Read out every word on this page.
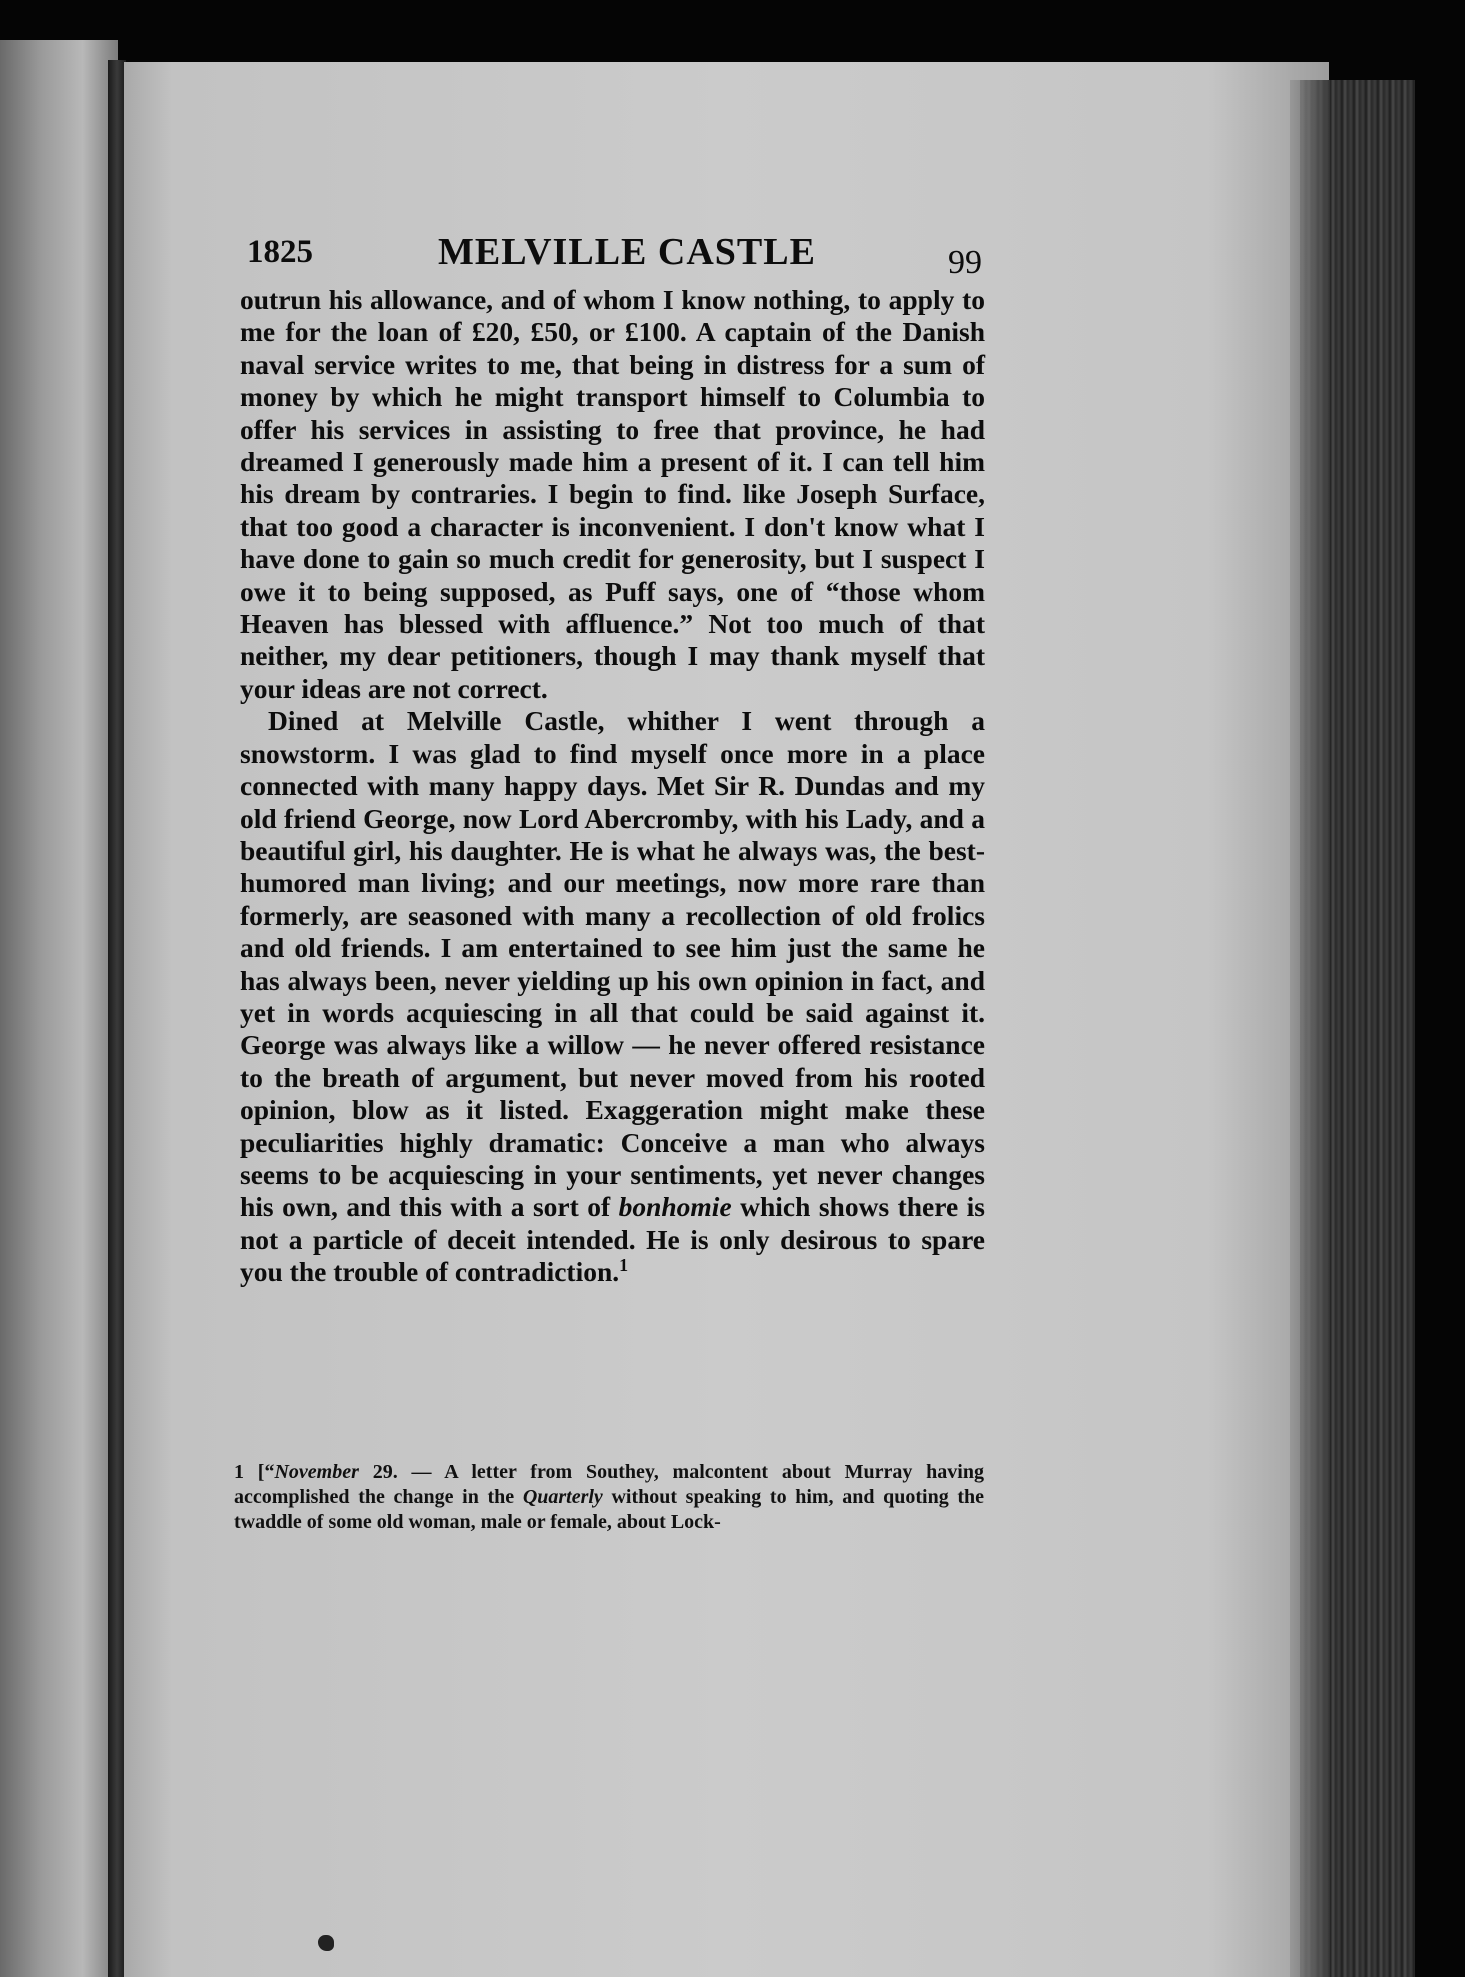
1825	MELVILLE CASTLE	99

outrun his allowance, and of whom I know nothing, to apply to me for the loan of £20, £50, or £100. A captain of the Danish naval service writes to me, that being in distress for a sum of money by which he might transport himself to Columbia to offer his services in assisting to free that province, he had dreamed I generously made him a present of it. I can tell him his dream by contraries. I begin to find. like Joseph Surface, that too good a character is inconvenient. I don't know what I have done to gain so much credit for generosity, but I suspect I owe it to being supposed, as Puff says, one of “those whom Heaven has blessed with affluence.” Not too much of that neither, my dear petitioners, though I may thank myself that your ideas are not correct.

Dined at Melville Castle, whither I went through a snowstorm. I was glad to find myself once more in a place connected with many happy days. Met Sir R. Dundas and my old friend George, now Lord Abercromby, with his Lady, and a beautiful girl, his daughter. He is what he always was, the best-humored man living; and our meetings, now more rare than formerly, are seasoned with many a recollection of old frolics and old friends. I am entertained to see him just the same he has always been, never yielding up his own opinion in fact, and yet in words acquiescing in all that could be said against it. George was always like a willow — he never offered resistance to the breath of argument, but never moved from his rooted opinion, blow as it listed. Exaggeration might make these peculiarities highly dramatic: Conceive a man who always seems to be acquiescing in your sentiments, yet never changes his own, and this with a sort of bonhomie which shows there is not a particle of deceit intended. He is only desirous to spare you the trouble of contradiction.$^1$

1 [“November 29. — A letter from Southey, malcontent about Murray having accomplished the change in the Quarterly without speaking to him, and quoting the twaddle of some old woman, male or female, about Lock-
